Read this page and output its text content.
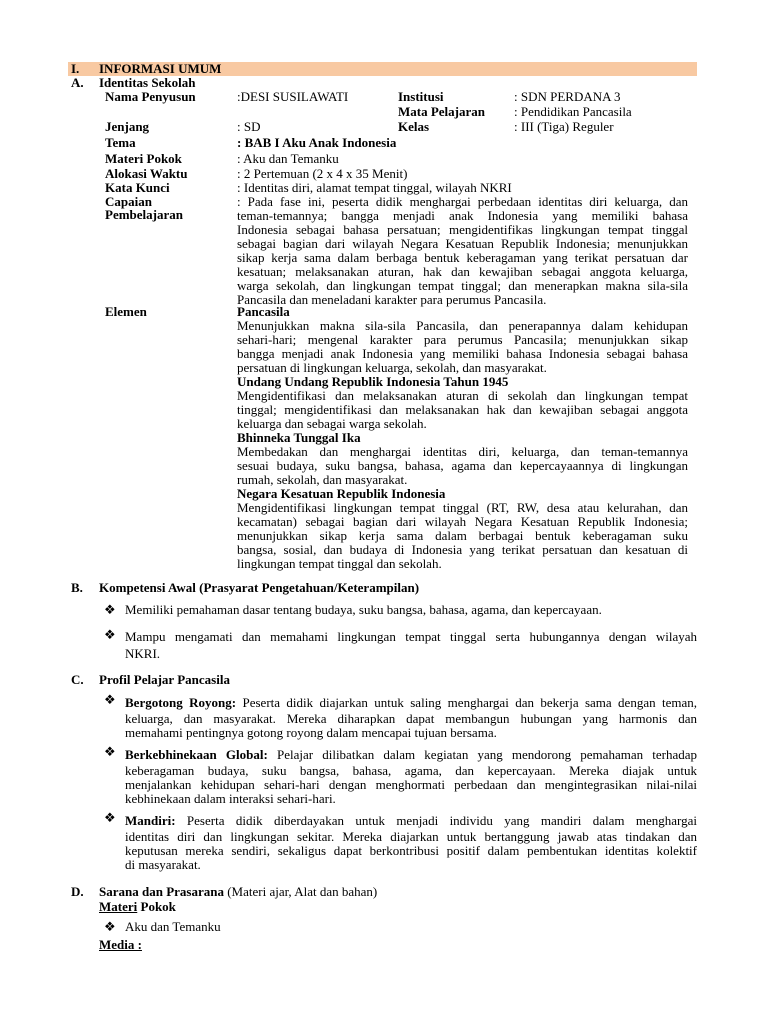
I. INFORMASI UMUM
A. Identitas Sekolah
Nama Penyusun	:DESI SUSILAWATI	Institusi	: SDN PERDANA 3
Mata Pelajaran : Pendidikan Pancasila
Jenjang	: SD	Kelas	: III (Tiga) Reguler
Tema	: BAB I Aku Anak Indonesia
Materi Pokok	: Aku dan Temanku
Alokasi Waktu	: 2 Pertemuan (2 x 4 x 35 Menit)
Kata Kunci	: Identitas diri, alamat tempat tinggal, wilayah NKRI
Capaian
Pembelajaran
: Pada fase ini, peserta didik menghargai perbedaan identitas diri keluarga, dan
teman-temannya; bangga menjadi anak Indonesia yang memiliki bahasa
Indonesia sebagai bahasa persatuan; mengidentifikas lingkungan tempat tinggal
sebagai bagian dari wilayah Negara Kesatuan Republik Indonesia; menunjukkan
sikap kerja sama dalam berbaga bentuk keberagaman yang terikat persatuan dar
kesatuan; melaksanakan aturan, hak dan kewajiban sebagai anggota keluarga,
warga sekolah, dan lingkungan tempat tinggal; dan menerapkan makna sila-sila
Pancasila dan meneladani karakter para perumus Pancasila.
Elemen	Pancasila
Menunjukkan makna sila-sila Pancasila, dan penerapannya dalam kehidupan
sehari-hari; mengenal karakter para perumus Pancasila; menunjukkan sikap
bangga menjadi anak Indonesia yang memiliki bahasa Indonesia sebagai bahasa
persatuan di lingkungan keluarga, sekolah, dan masyarakat.
Undang Undang Republik Indonesia Tahun 1945
Mengidentifikasi dan melaksanakan aturan di sekolah dan lingkungan tempat
tinggal; mengidentifikasi dan melaksanakan hak dan kewajiban sebagai anggota
keluarga dan sebagai warga sekolah.
Bhinneka Tunggal Ika
Membedakan dan menghargai identitas diri, keluarga, dan teman-temannya
sesuai budaya, suku bangsa, bahasa, agama dan kepercayaannya di lingkungan
rumah, sekolah, dan masyarakat.
Negara Kesatuan Republik Indonesia
Mengidentifikasi lingkungan tempat tinggal (RT, RW, desa atau kelurahan, dan
kecamatan) sebagai bagian dari wilayah Negara Kesatuan Republik Indonesia;
menunjukkan sikap kerja sama dalam berbagai bentuk keberagaman suku
bangsa, sosial, dan budaya di Indonesia yang terikat persatuan dan kesatuan di
lingkungan tempat tinggal dan sekolah.
B. Kompetensi Awal (Prasyarat Pengetahuan/Keterampilan)
❖ Memiliki pemahaman dasar tentang budaya, suku bangsa, bahasa, agama, dan kepercayaan.
❖ Mampu mengamati dan memahami lingkungan tempat tinggal serta hubungannya dengan wilayah
NKRI.
C. Profil Pelajar Pancasila
❖ Bergotong Royong: Peserta didik diajarkan untuk saling menghargai dan bekerja sama dengan teman,
keluarga, dan masyarakat. Mereka diharapkan dapat membangun hubungan yang harmonis dan
memahami pentingnya gotong royong dalam mencapai tujuan bersama.
❖ Berkebhinekaan Global: Pelajar dilibatkan dalam kegiatan yang mendorong pemahaman terhadap
keberagaman budaya, suku bangsa, bahasa, agama, dan kepercayaan. Mereka diajak untuk
menjalankan kehidupan sehari-hari dengan menghormati perbedaan dan mengintegrasikan nilai-nilai
kebhinekaan dalam interaksi sehari-hari.
❖ Mandiri: Peserta didik diberdayakan untuk menjadi individu yang mandiri dalam menghargai
identitas diri dan lingkungan sekitar. Mereka diajarkan untuk bertanggung jawab atas tindakan dan
keputusan mereka sendiri, sekaligus dapat berkontribusi positif dalam pembentukan identitas kolektif
di masyarakat.
D. Sarana dan Prasarana (Materi ajar, Alat dan bahan)
Materi Pokok
❖ Aku dan Temanku
Media :
